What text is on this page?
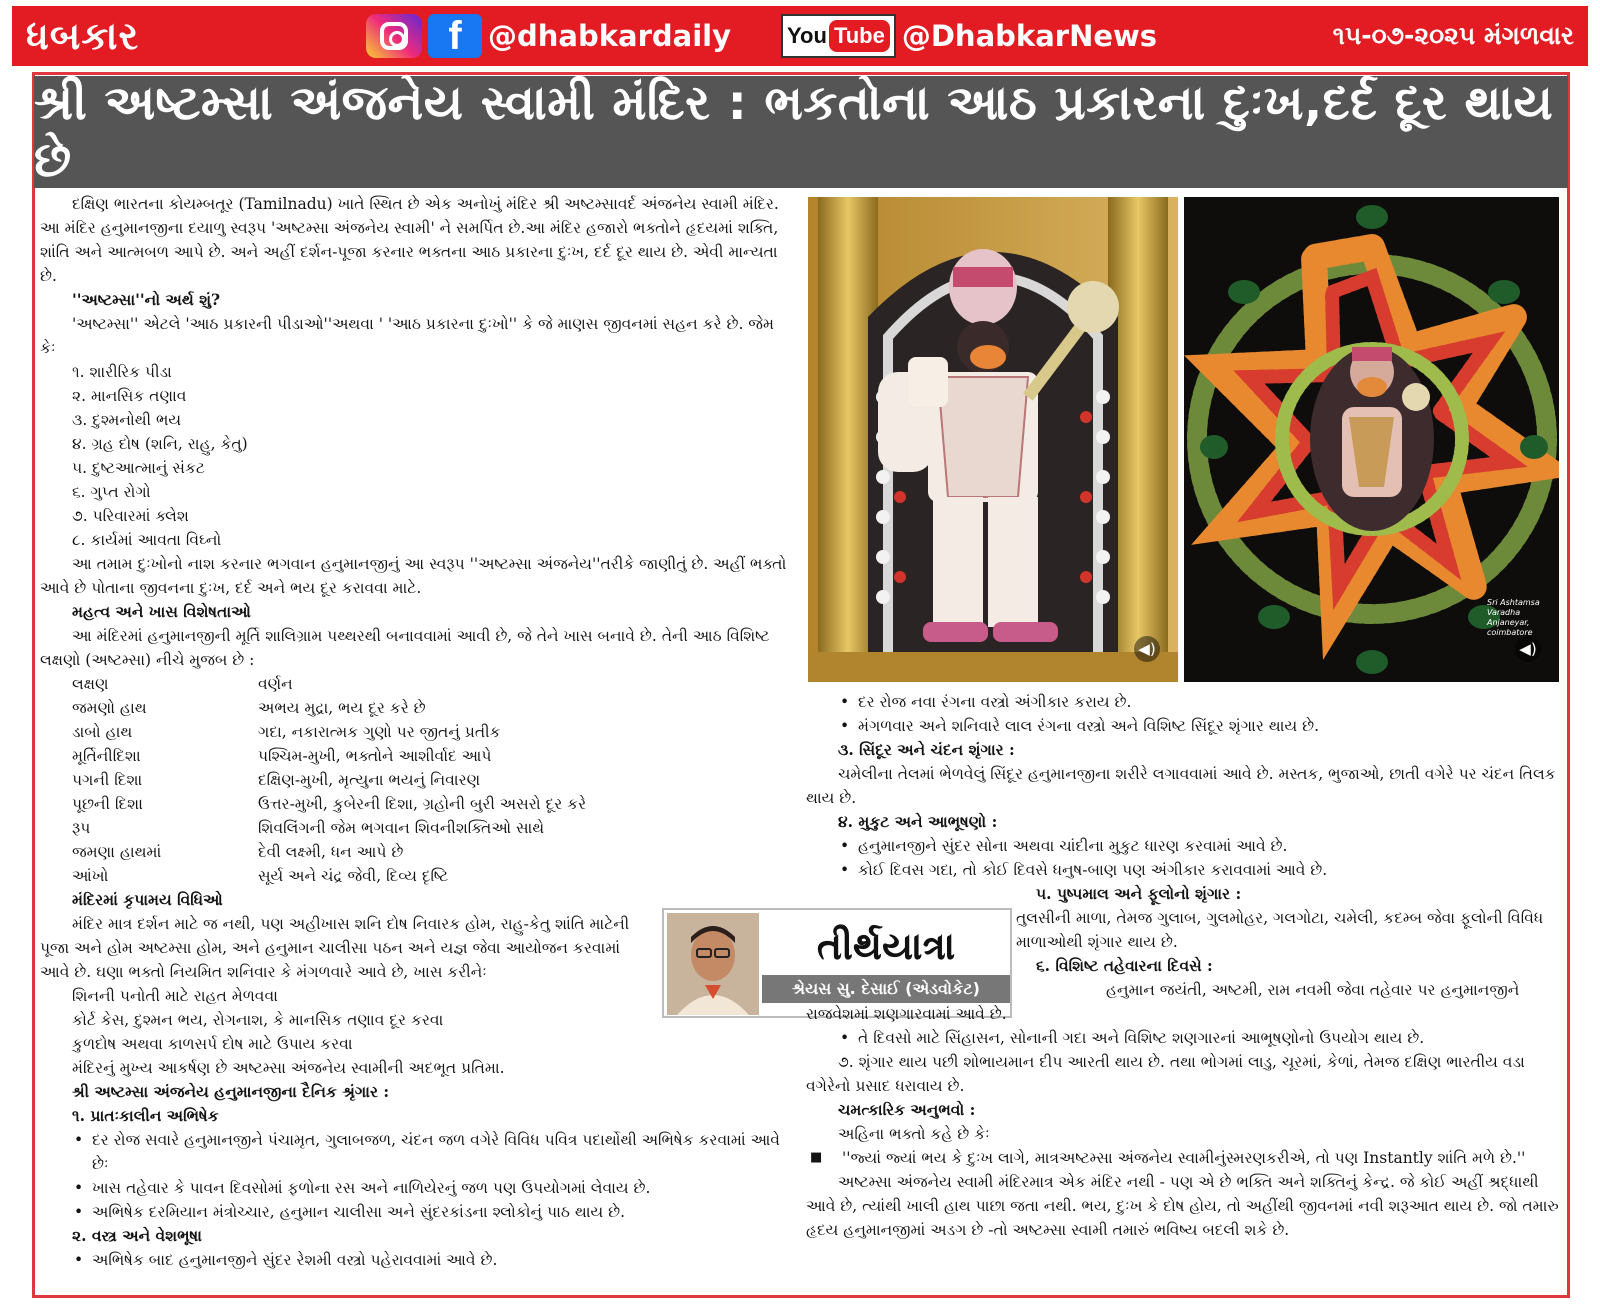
ધબકાર	f @dhabkardaily	You Tube @DhabkarNews	૧૫-૦૭-૨૦૨૫ મંગળવાર
શ્રી અષ્ટમ્સા અંજનેય સ્વામી મંદિર : ભકતોના આઠ પ્રકારના દુઃખ,દર્દ દૂર થાય છે
◀)
Sri Ashtamsa Varadha Anjaneyar, coimbatore
◀)

દક્ષિણ ભારતના કોયમ્બતૂર (Tamilnadu) ખાતે સ્થિત છે એક અનોખું મંદિર શ્રી અષ્ટમ્સાવર્દ અંજનેય સ્વામી મંદિર. આ મંદિર હનુમાનજીના દયાળુ સ્વરૂપ 'અષ્ટમ્સા અંજનેય સ્વામી' ને સમર્પિત છે.આ મંદિર હજારો ભક્તોને હૃદયમાં શક્તિ, શાંતિ અને આત્મબળ આપે છે. અને અહીં દર્શન-પૂજા કરનાર ભક્તના આઠ પ્રકારના દુઃખ, દર્દ દૂર થાય છે. એવી માન્યતા છે.

''અષ્ટમ્સા''નો અર્થ શું?

'અષ્ટમ્સા'' એટલે 'આઠ પ્રકારની પીડાઓ''અથવા ' 'આઠ પ્રકારના દુઃખો'' કે જે માણસ જીવનમાં સહન કરે છે. જેમ કેઃ

૧. શારીરિક પીડા

૨. માનસિક તણાવ

૩. દુશ્મનોથી ભય

૪. ગ્રહ દોષ (શનિ, રાહુ, કેતુ)

૫. દુષ્ટઆત્માનું સંકટ

૬. ગુપ્ત રોગો

૭. પરિવારમાં ક્લેશ

૮. કાર્યમાં આવતા વિઘ્નો

આ તમામ દુઃખોનો નાશ કરનાર ભગવાન હનુમાનજીનું આ સ્વરૂપ ''અષ્ટમ્સા અંજનેય''તરીકે જાણીતું છે. અહીં ભક્તો આવે છે પોતાના જીવનના દુઃખ, દર્દ અને ભય દૂર કરાવવા માટે.

મહત્વ અને ખાસ વિશેષતાઓ

આ મંદિરમાં હનુમાનજીની મૂર્તિ શાલિગ્રામ પથ્થરથી બનાવવામાં આવી છે, જે તેને ખાસ બનાવે છે. તેની આઠ વિશિષ્ટ લક્ષણો (અષ્ટમ્સા) નીચે મુજબ છે :

લક્ષણ	વર્ણન
જમણો હાથ	અભય મુદ્રા, ભય દૂર કરે છે
ડાબો હાથ	ગદા, નકારાત્મક ગુણો પર જીતનું પ્રતીક
મૂર્તિનીદિશા	પશ્ચિમ-મુખી, ભક્તોને આશીર્વાદ આપે
પગની દિશા	દક્ષિણ-મુખી, મૃત્યુના ભયનું નિવારણ
પૂછની દિશા	ઉત્તર-મુખી, કુબેરની દિશા, ગ્રહોની બુરી અસરો દૂર કરે
રૂપ	શિવલિંગની જેમ ભગવાન શિવનીશક્તિઓ સાથે
જમણા હાથમાં	દેવી લક્ષ્મી, ધન આપે છે
આંખો	સૂર્ય અને ચંદ્ર જેવી, દિવ્ય દૃષ્ટિ

મંદિરમાં કૃપામય વિધિઓ

મંદિર માત્ર દર્શન માટે જ નથી, પણ અહીખાસ શનિ દોષ નિવારક હોમ, રાહુ-કેતુ શાંતિ માટેની પૂજા અને હોમ અષ્ટમ્સા હોમ, અને હનુમાન ચાલીસા પઠન અને યજ્ઞ જેવા આયોજન કરવામાં આવે છે. ઘણા ભક્તો નિયમિત શનિવાર કે મંગળવારે આવે છે, ખાસ કરીનેઃ

શિનની પનોતી માટે રાહત મેળવવા

કોર્ટ કેસ, દુશ્મન ભય, રોગનાશ, કે માનસિક તણાવ દૂર કરવા

કુળદોષ અથવા કાળસર્પ દોષ માટે ઉપાય કરવા

મંદિરનું મુખ્ય આકર્ષણ છે અષ્ટમ્સા અંજનેય સ્વામીની અદભૂત પ્રતિમા.

શ્રી અષ્ટમ્સા અંજનેય હનુમાનજીના દૈનિક શ્રૃંગાર :

૧. પ્રાતઃકાલીન અભિષેક

• દર રોજ સવારે હનુમાનજીને પંચામૃત, ગુલાબજળ, ચંદન જળ વગેરે વિવિધ પવિત્ર પદાર્થોથી અભિષેક કરવામાં આવે છેઃ

• ખાસ તહેવાર કે પાવન દિવસોમાં ફળોના રસ અને નાળિયેરનું જળ પણ ઉપયોગમાં લેવાય છે.

• અભિષેક દરમિયાન મંત્રોચ્ચાર, હનુમાન ચાલીસા અને સુંદરકાંડના શ્લોકોનું પાઠ થાય છે.

૨. વસ્ત્ર અને વેશભૂષા

• અભિષેક બાદ હનુમાનજીને સુંદર રેશમી વસ્ત્રો પહેરાવવામાં આવે છે.

તીર્થયાત્રા
શ્રેયસ સુ. દેસાઈ (એડવોકેટ)

• દર રોજ નવા રંગના વસ્ત્રો અંગીકાર કરાય છે.

• મંગળવાર અને શનિવારે લાલ રંગના વસ્ત્રો અને વિશિષ્ટ સિંદૂર શૃંગાર થાય છે.

૩. સિંદૂર અને ચંદન શૃંગાર :

ચમેલીના તેલમાં ભેળવેલું સિંદૂર હનુમાનજીના શરીરે લગાવવામાં આવે છે. મસ્તક, ભુજાઓ, છાતી વગેરે પર ચંદન તિલક થાય છે.

૪. મુકુટ અને આભૂષણો :

• હનુમાનજીને સુંદર સોના અથવા ચાંદીના મુકુટ ધારણ કરવામાં આવે છે.

• કોઈ દિવસ ગદા, તો કોઈ દિવસે ધનુષ-બાણ પણ અંગીકાર કરાવવામાં આવે છે.

૫. પુષ્પમાલ અને ફૂલોનો શૃંગાર :

તુલસીની માળા, તેમજ ગુલાબ, ગુલમોહર, ગલગોટા, ચમેલી, કદમ્બ જેવા ફૂલોની વિવિધ માળાઓથી શૃંગાર થાય છે.

૬. વિશિષ્ટ તહેવારના દિવસે :

હનુમાન જયંતી, અષ્ટમી, રામ નવમી જેવા તહેવાર પર હનુમાનજીને રાજવેશમાં શણગારવામાં આવે છે.

• તે દિવસો માટે સિંહાસન, સોનાની ગદા અને વિશિષ્ટ શણગારનાં આભૂષણોનો ઉપયોગ થાય છે.

૭. શૃંગાર થાય પછી શોભાયમાન દીપ આરતી થાય છે. તથા ભોગમાં લાડુ, ચૂરમાં, કેળાં, તેમજ દક્ષિણ ભારતીય વડા વગેરેનો પ્રસાદ ધરાવાય છે.

ચમત્કારિક અનુભવો :

અહિના ભક્તો કહે છે કેઃ

■ ''જ્યાં જ્યાં ભય કે દુઃખ લાગે, માત્રઅષ્ટમ્સા અંજનેય સ્વામીનુંસ્મરણકરીએ, તો પણ Instantly શાંતિ મળે છે.''

અષ્ટમ્સા અંજનેય સ્વામી મંદિરમાત્ર એક મંદિર નથી - પણ એ છે ભક્તિ અને શક્તિનું કેન્દ્ર. જે કોઈ અહીં શ્રદ્ધાથી આવે છે, ત્યાંથી ખાલી હાથ પાછા જતા નથી. ભય, દુઃખ કે દોષ હોય, તો અહીંથી જીવનમાં નવી શરૂઆત થાય છે. જો તમારુ હૃદય હનુમાનજીમાં અડગ છે -તો અષ્ટમ્સા સ્વામી તમારું ભવિષ્ય બદલી શકે છે.
